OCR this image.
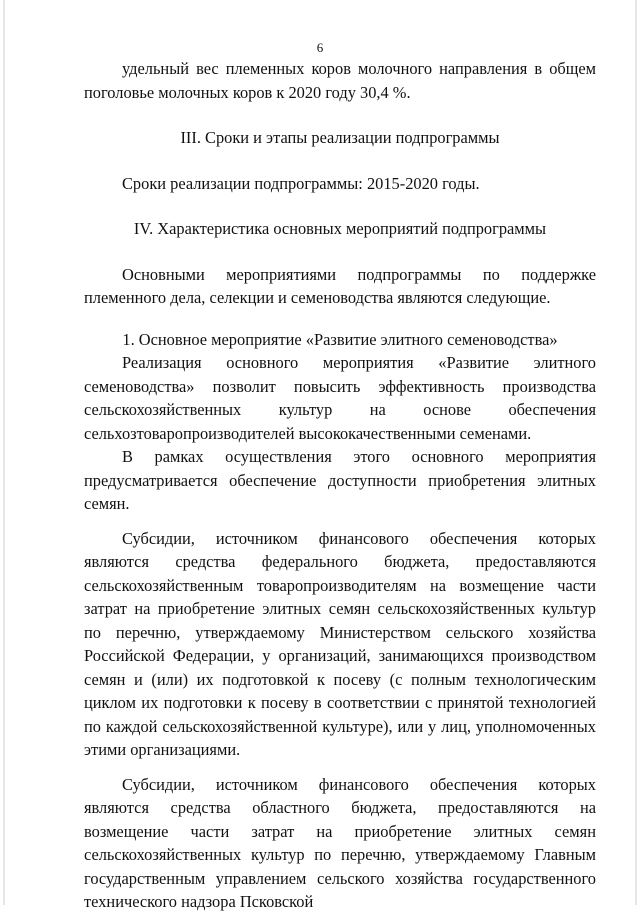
6

удельный вес племенных коров молочного направления в общем поголовье молочных коров к 2020 году 30,4 %.

III. Сроки и этапы реализации подпрограммы

Сроки реализации подпрограммы: 2015-2020 годы.

IV. Характеристика основных мероприятий подпрограммы

Основными мероприятиями подпрограммы по поддержке племенного дела, селекции и семеноводства являются следующие.

1. Основное мероприятие «Развитие элитного семеноводства»

Реализация основного мероприятия «Развитие элитного семеноводства» позволит повысить эффективность производства сельскохозяйственных культур на основе обеспечения сельхозтоваропроизводителей высококачественными семенами.

В рамках осуществления этого основного мероприятия предусматривается обеспечение доступности приобретения элитных семян.

Субсидии, источником финансового обеспечения которых являются средства федерального бюджета, предоставляются сельскохозяйственным товаропроизводителям на возмещение части затрат на приобретение элитных семян сельскохозяйственных культур по перечню, утверждаемому Министерством сельского хозяйства Российской Федерации, у организаций, занимающихся производством семян и (или) их подготовкой к посеву (с полным технологическим циклом их подготовки к посеву в соответствии с принятой технологией по каждой сельскохозяйственной культуре), или у лиц, уполномоченных этими организациями.

Субсидии, источником финансового обеспечения которых являются средства областного бюджета, предоставляются на возмещение части затрат на приобретение элитных семян сельскохозяйственных культур по перечню, утверждаемому Главным государственным управлением сельского хозяйства государственного технического надзора Псковской
